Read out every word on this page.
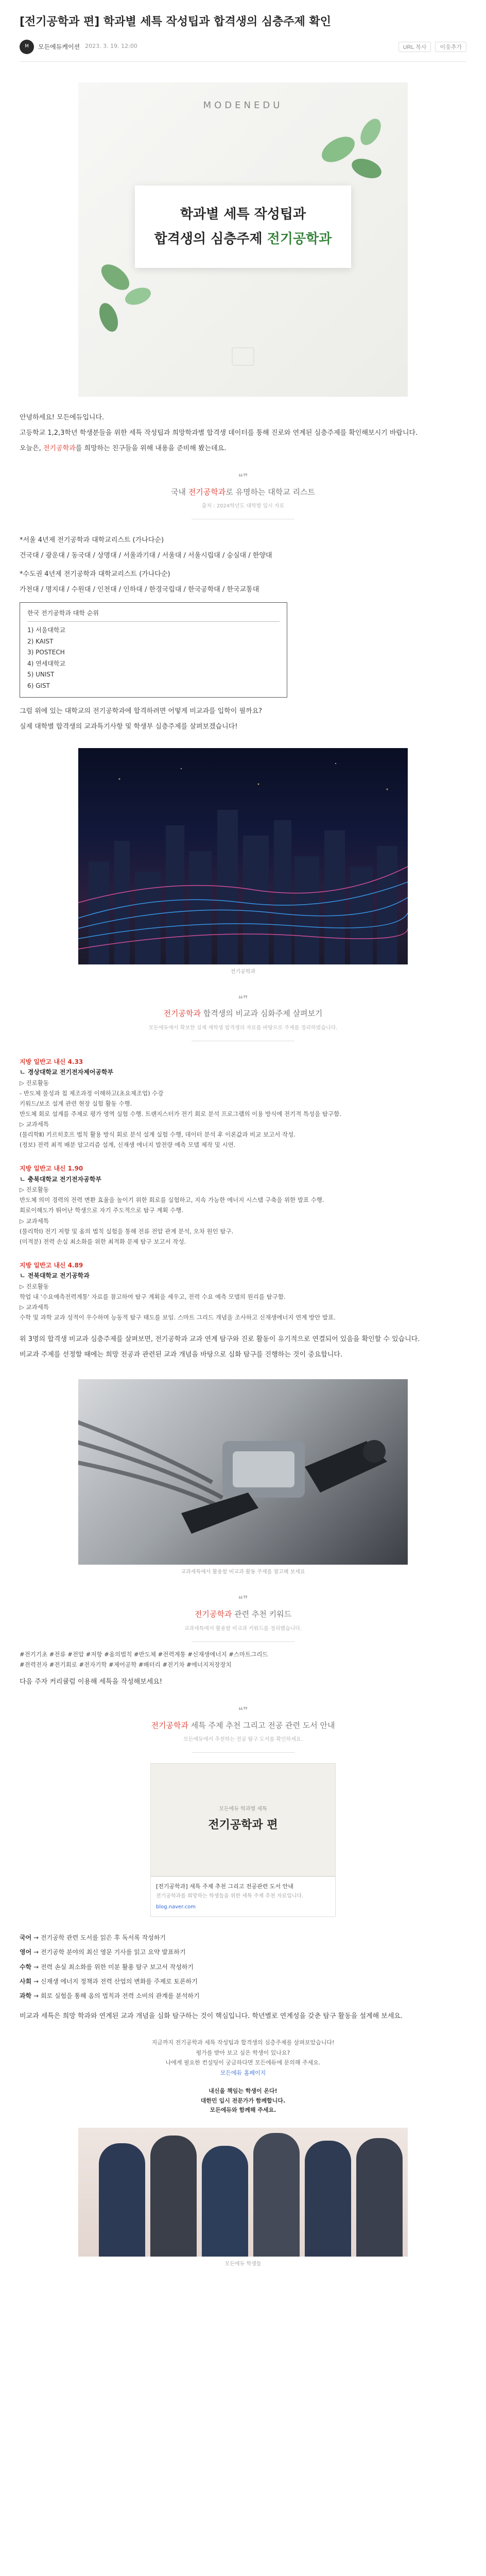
[전기공학과 편] 학과별 세특 작성팁과 합격생의 심층주제 확인
M	모든에듀케이션 2023. 3. 19. 12:00	URL 복사	이웃추가
MODENEDU
학과별 세특 작성팁과
합격생의 심층주제 전기공학과

안녕하세요! 모든에듀입니다.

고등학교 1,2,3학년 학생분들을 위한 세특 작성팁과 희망학과별 합격생 데이터를 통해 진로와 연계된 심층주제를 확인해보시기 바랍니다.

오늘은, 전기공학과를 희망하는 친구들을 위해 내용을 준비해 봤는데요.

❝❞
국내 전기공학과로 유명하는 대학교 리스트
출처 : 2024학년도 대학별 입시 자료

*서울 4년제 전기공학과 대학교리스트 (가나다순)

건국대 / 광운대 / 동국대 / 상명대 / 서울과기대 / 서울대 / 서울시립대 / 숭실대 / 한양대

*수도권 4년제 전기공학과 대학교리스트 (가나다순)

가천대 / 명지대 / 수원대 / 인천대 / 인하대 / 한경국립대 / 한국공학대 / 한국교통대

한국 전기공학과 대학 순위
1) 서울대학교
2) KAIST
3) POSTECH
4) 연세대학교
5) UNIST
6) GIST

그럼 위에 있는 대학교의 전기공학과에 합격하려면 어떻게 비교과를 입학이 필까요?

실제 대학별 합격생의 교과특기사항 및 학생부 심층주제를 살펴보겠습니다!

전기공학과
❝❞
전기공학과 합격생의 비교과 심화주제 살펴보기
모든에듀에서 확보한 실제 재학생 합격생의 자료를 바탕으로 주제를 정리하였습니다.
지방 일반고 내신 4.33
ㄴ 경상대학교 전기전자제어공학부
▷ 진로활동
- 반도체 물성과 칩 제조과정 이해하고(초요제조업) 수강
키워드/보조 설계 관련 현장 실험 활동 수행.
반도체 회로 설계를 주제로 평가 영역 실험 수행. 트랜지스터가 전기 회로 분석 프로그램의 이용 방식에 전기적 특성을 탐구함.
▷ 교과세특
(물리학Ⅱ) 키르히호프 법칙 활용 방식 회로 분석 설계 실험 수행, 데이터 분석 후 이론값과 비교 보고서 작성.
(정보) 전력 최적 배분 알고리즘 설계, 신재생 에너지 발전량 예측 모델 제작 및 시연.
지방 일반고 내신 1.90
ㄴ 충북대학교 전기전자공학부
▷ 진로활동
반도체 의미 경력의 전력 변환 효율을 높이기 위한 회로를 실험하고, 지속 가능한 에너지 시스템 구축을 위한 발표 수행.
회로이해도가 뛰어난 학생으로 자기 주도적으로 탐구 계획 수행.
▷ 교과세특
(물리학Ⅰ) 전기 저항 및 옴의 법칙 실험을 통해 전류 전압 관계 분석, 오차 원인 탐구.
(미적분) 전력 손실 최소화를 위한 최적화 문제 탐구 보고서 작성.
지방 일반고 내신 4.89
ㄴ 전북대학교 전기공학과
▷ 진로활동
학업 내 '수요예측전력계통' 자료를 참고하여 탐구 계획을 세우고, 전력 수요 예측 모델의 원리를 탐구함.
▷ 교과세특
수학 및 과학 교과 성적이 우수하며 능동적 탐구 태도를 보임. 스마트 그리드 개념을 조사하고 신재생에너지 연계 방안 발표.

위 3명의 합격생 비교과 심층주제를 살펴보면, 전기공학과 교과 연계 탐구와 진로 활동이 유기적으로 연결되어 있음을 확인할 수 있습니다.

비교과 주제를 선정할 때에는 희망 전공과 관련된 교과 개념을 바탕으로 심화 탐구를 진행하는 것이 중요합니다.

교과세특에서 활용할 비교과 활동 주제를 참고해 보세요
❝❞
전기공학과 관련 추천 키워드
교과세특에서 활용할 비교과 키워드를 정리했습니다.
#전기기초 #전류 #전압 #저항 #옴의법칙 #반도체 #전력계통 #신재생에너지 #스마트그리드
#전력전자 #전기회로 #전자기학 #제어공학 #배터리 #전기차 #에너지저장장치

다음 주자 커리큘럼 이용해 세특을 작성해보세요!

❝❞
전기공학과 세특 주제 추천 그리고 전공 관련 도서 안내
모든에듀에서 추천하는 전공 탐구 도서를 확인하세요.
모든에듀 학과별 세특
전기공학과 편
[전기공학과] 세특 주제 추천 그리고 전공관련 도서 안내
전기공학과를 희망하는 학생들을 위한 세특 주제 추천 자료입니다.
blog.naver.com
국어 → 전기공학 관련 도서를 읽은 후 독서록 작성하기
영어 → 전기공학 분야의 최신 영문 기사를 읽고 요약 발표하기
수학 → 전력 손실 최소화를 위한 미분 활용 탐구 보고서 작성하기
사회 → 신재생 에너지 정책과 전력 산업의 변화를 주제로 토론하기
과학 → 회로 실험을 통해 옴의 법칙과 전력 소비의 관계를 분석하기

비교과 세특은 희망 학과와 연계된 교과 개념을 심화 탐구하는 것이 핵심입니다. 학년별로 연계성을 갖춘 탐구 활동을 설계해 보세요.

지금까지 전기공학과 세특 작성팁과 합격생의 심층주제를 살펴보았습니다!
평가를 받아 보고 싶은 학생이 있나요?
나에게 필요한 컨설팅이 궁금하다면 모든에듀에 문의해 주세요.
모든에듀 홈페이지
내신을 책임는 학생이 온다!
대한민 입시 전문가가 함께합니다.
모든에듀와 함께해 주세요.
모든에듀 학생들
